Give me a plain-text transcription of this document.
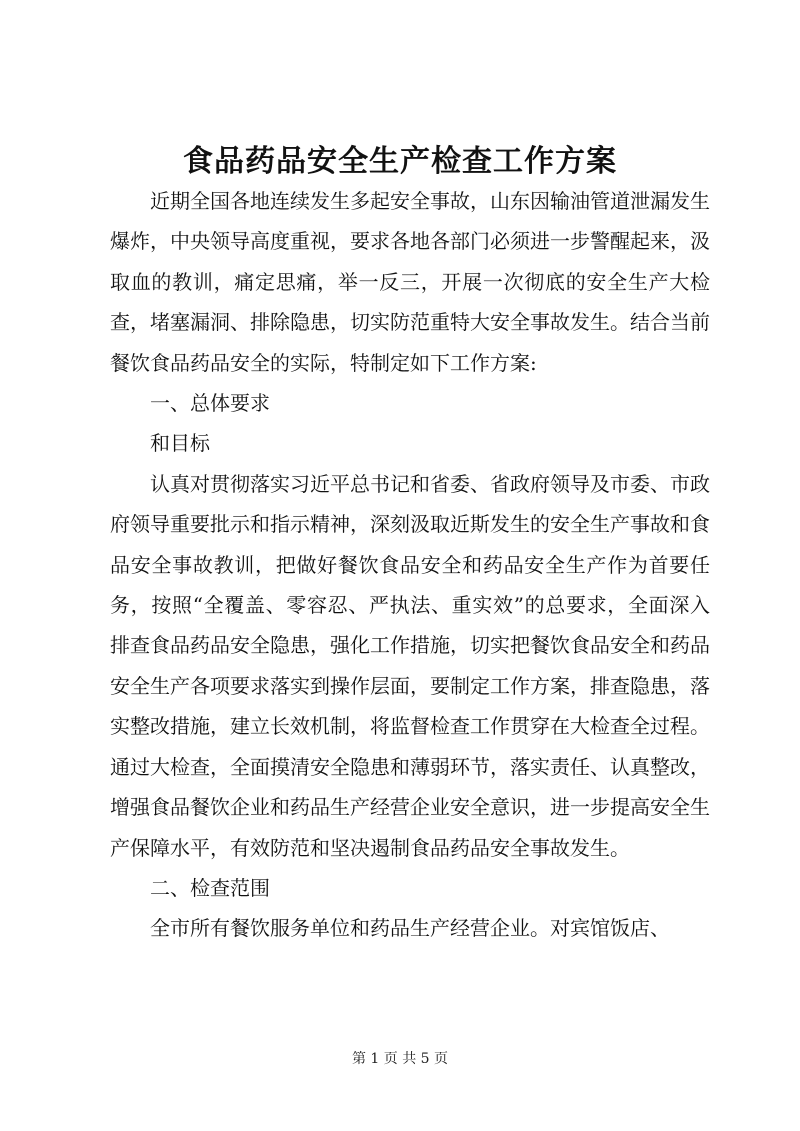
食品药品安全生产检查工作方案

近期全国各地连续发生多起安全事故，山东因输油管道泄漏发生爆炸，中央领导高度重视，要求各地各部门必须进一步警醒起来，汲取血的教训，痛定思痛，举一反三，开展一次彻底的安全生产大检查，堵塞漏洞、排除隐患，切实防范重特大安全事故发生。结合当前餐饮食品药品安全的实际，特制定如下工作方案:

一、总体要求

和目标

认真对贯彻落实习近平总书记和省委、省政府领导及市委、市政府领导重要批示和指示精神，深刻汲取近斯发生的安全生产事故和食品安全事故教训，把做好餐饮食品安全和药品安全生产作为首要任务，按照“全覆盖、零容忍、严执法、重实效”的总要求，全面深入排查食品药品安全隐患，强化工作措施，切实把餐饮食品安全和药品安全生产各项要求落实到操作层面，要制定工作方案，排查隐患，落实整改措施，建立长效机制，将监督检查工作贯穿在大检查全过程。通过大检查，全面摸清安全隐患和薄弱环节，落实责任、认真整改，增强食品餐饮企业和药品生产经营企业安全意识，进一步提高安全生产保障水平，有效防范和坚决遏制食品药品安全事故发生。

二、检查范围

全市所有餐饮服务单位和药品生产经营企业。对宾馆饭店、

第 1 页 共 5 页
